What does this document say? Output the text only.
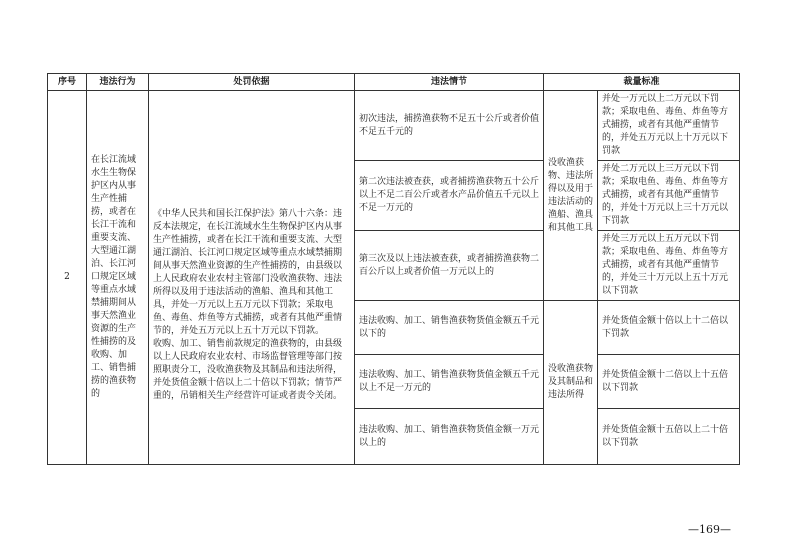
序号	违法行为	处罚依据	违法情节	裁量标准	
2	在长江流域水生生物保护区内从事生产性捕捞，或者在长江干流和重要支流、大型通江湖泊、长江河口规定区域等重点水域禁捕期间从事天然渔业资源的生产性捕捞的及收购、加工、销售捕捞的渔获物的	《中华人民共和国长江保护法》第八十六条：违反本法规定，在长江流域水生生物保护区内从事生产性捕捞，或者在长江干流和重要支流、大型通江湖泊、长江河口规定区域等重点水域禁捕期间从事天然渔业资源的生产性捕捞的，由县级以上人民政府农业农村主管部门没收渔获物、违法所得以及用于违法活动的渔船、渔具和其他工具，并处一万元以上五万元以下罚款；采取电鱼、毒鱼、炸鱼等方式捕捞，或者有其他严重情节的，并处五万元以上五十万元以下罚款。

收购、加工、销售前款规定的渔获物的，由县级以上人民政府农业农村、市场监督管理等部门按照职责分工，没收渔获物及其制品和违法所得，并处货值金额十倍以上二十倍以下罚款；情节严重的，吊销相关生产经营许可证或者责令关闭。	初次违法，捕捞渔获物不足五十公斤或者价值不足五千元的	没收渔获物、违法所得以及用于违法活动的渔船、渔具和其他工具	并处一万元以上二万元以下罚款；采取电鱼、毒鱼、炸鱼等方式捕捞，或者有其他严重情节的，并处五万元以上十万元以下罚款
			第二次违法被查获，或者捕捞渔获物五十公斤以上不足二百公斤或者水产品价值五千元以上不足一万元的		并处二万元以上三万元以下罚款；采取电鱼、毒鱼、炸鱼等方式捕捞，或者有其他严重情节的，并处十万元以上三十万元以下罚款
			第三次及以上违法被查获，或者捕捞渔获物二百公斤以上或者价值一万元以上的		并处三万元以上五万元以下罚款；采取电鱼、毒鱼、炸鱼等方式捕捞，或者有其他严重情节的，并处三十万元以上五十万元以下罚款
			违法收购、加工、销售渔获物货值金额五千元以下的	没收渔获物及其制品和违法所得	并处货值金额十倍以上十二倍以下罚款
			违法收购、加工、销售渔获物货值金额五千元以上不足一万元的		并处货值金额十二倍以上十五倍以下罚款
			违法收购、加工、销售渔获物货值金额一万元以上的		并处货值金额十五倍以上二十倍以下罚款
—169—
